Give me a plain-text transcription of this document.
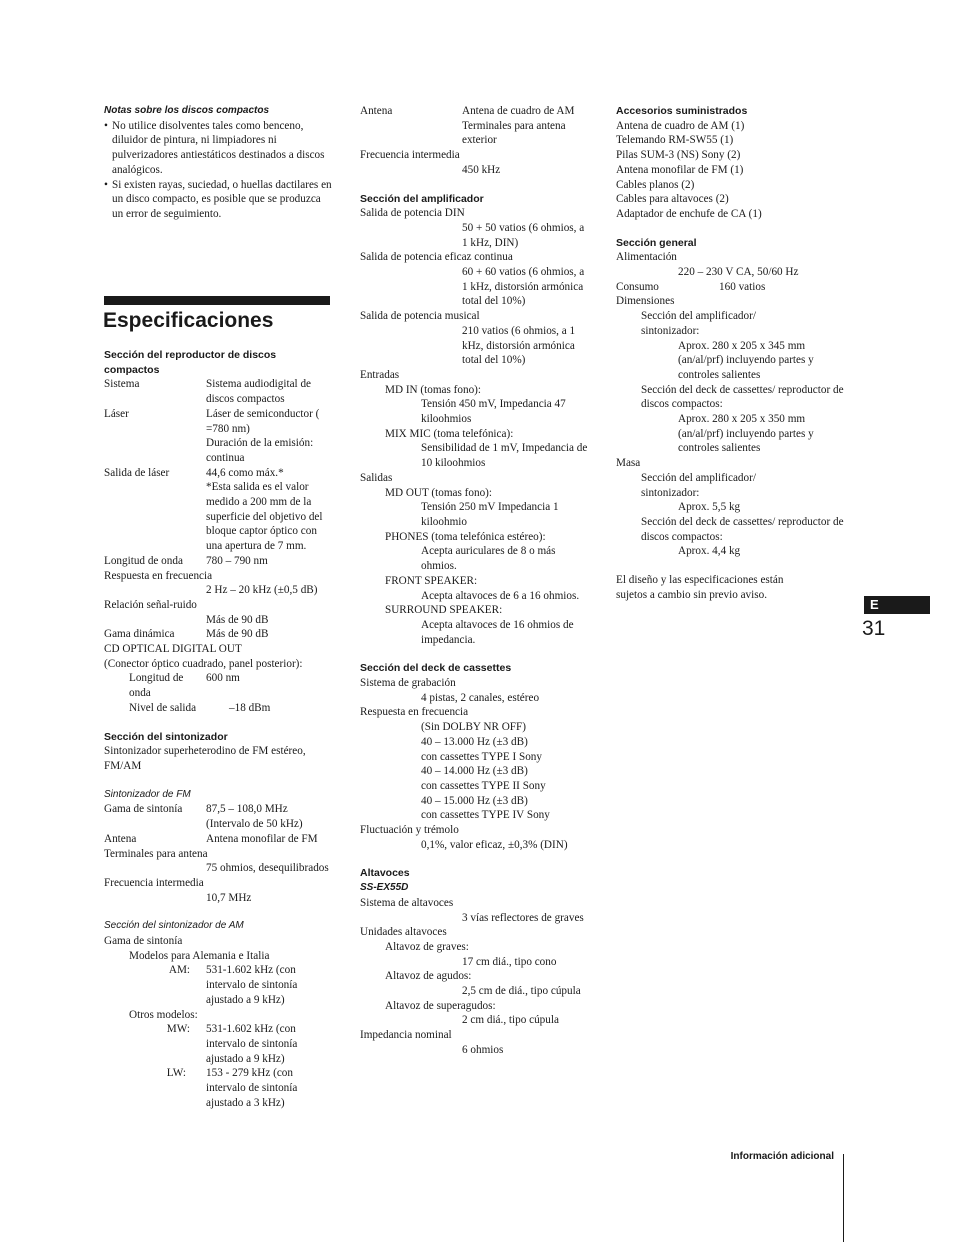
Especificaciones
Notas sobre los discos compactos
• No utilice disolventes tales como benceno, diluidor de pintura, ni limpiadores ni pulverizadores antiestáticos destinados a discos analógicos.
• Si existen rayas, suciedad, o huellas dactilares en un disco compacto, es posible que se produzca un error de seguimiento.
Sección del reproductor de discos compactos
Sistema	Sistema audiodigital de discos compactos
Láser	Láser de semiconductor ( =780 nm)
Duración de la emisión: continua
Salida de láser	44,6 como máx.*
*Esta salida es el valor medido a 200 mm de la superficie del objetivo del bloque captor óptico con una apertura de 7 mm.
Longitud de onda	780 – 790 nm
Respuesta en frecuencia
2 Hz – 20 kHz (±0,5 dB)
Relación señal-ruido
Más de 90 dB
Gama dinámica	Más de 90 dB
CD OPTICAL DIGITAL OUT
(Conector óptico cuadrado, panel posterior):
Longitud de onda
600 nm
Nivel de salida	–18 dBm
Sección del sintonizador
Sintonizador superheterodino de FM estéreo, FM/AM
Sintonizador de FM
Gama de sintonía	87,5 – 108,0 MHz (Intervalo de 50 kHz)
Antena	Antena monofilar de FM
Terminales para antena
75 ohmios, desequilibrados
Frecuencia intermedia
10,7 MHz
Sección del sintonizador de AM
Gama de sintonía
Modelos para Alemania e Italia
AM:	531-1.602 kHz (con intervalo de sintonía ajustado a 9 kHz)
Otros modelos:
MW:	531-1.602 kHz (con intervalo de sintonía ajustado a 9 kHz)
LW:	153 - 279 kHz (con intervalo de sintonía ajustado a 3 kHz)
Antena	Antena de cuadro de AM
Terminales para antena exterior
Frecuencia intermedia
450 kHz
Sección del amplificador
Salida de potencia DIN
50 + 50 vatios (6 ohmios, a 1 kHz, DIN)
Salida de potencia eficaz continua
60 + 60 vatios (6 ohmios, a 1 kHz, distorsión armónica total del 10%)
Salida de potencia musical
210 vatios (6 ohmios, a 1 kHz, distorsión armónica total del 10%)
Entradas
MD IN (tomas fono):
Tensión 450 mV, Impedancia 47 kiloohmios
MIX MIC (toma telefónica):
Sensibilidad de 1 mV, Impedancia de 10 kiloohmios
Salidas
MD OUT (tomas fono):
Tensión 250 mV Impedancia 1 kiloohmio
PHONES (toma telefónica estéreo):
Acepta auriculares de 8 o más ohmios.
FRONT SPEAKER:
Acepta altavoces de 6 a 16 ohmios.
SURROUND SPEAKER:
Acepta altavoces de 16 ohmios de impedancia.
Sección del deck de cassettes
Sistema de grabación
4 pistas, 2 canales, estéreo
Respuesta en frecuencia
(Sin DOLBY NR OFF)
40 – 13.000 Hz (±3 dB)
con cassettes TYPE I Sony
40 – 14.000 Hz (±3 dB)
con cassettes TYPE II Sony
40 – 15.000 Hz (±3 dB)
con cassettes TYPE IV Sony
Fluctuación y trémolo
0,1%, valor eficaz, ±0,3% (DIN)
Altavoces
SS-EX55D
Sistema de altavoces
3 vías reflectores de graves
Unidades altavoces
Altavoz de graves:
17 cm diá., tipo cono
Altavoz de agudos:
2,5 cm de diá., tipo cúpula
Altavoz de superagudos:
2 cm diá., tipo cúpula
Impedancia nominal
6 ohmios
Accesorios suministrados
Antena de cuadro de AM (1)
Telemando RM-SW55 (1)
Pilas SUM-3 (NS) Sony (2)
Antena monofilar de FM (1)
Cables planos (2)
Cables para altavoces (2)
Adaptador de enchufe de CA (1)
Sección general
Alimentación
220 – 230 V CA, 50/60 Hz
Consumo	160 vatios
Dimensiones
Sección del amplificador/ sintonizador:
Aprox. 280 x 205 x 345 mm (an/al/prf) incluyendo partes y controles salientes
Sección del deck de cassettes/ reproductor de discos compactos:
Aprox. 280 x 205 x 350 mm (an/al/prf) incluyendo partes y controles salientes
Masa
Sección del amplificador/ sintonizador:
Aprox. 5,5 kg
Sección del deck de cassettes/ reproductor de discos compactos:
Aprox. 4,4 kg
El diseño y las especificaciones están sujetos a cambio sin previo aviso.
E
31
Información adicional
